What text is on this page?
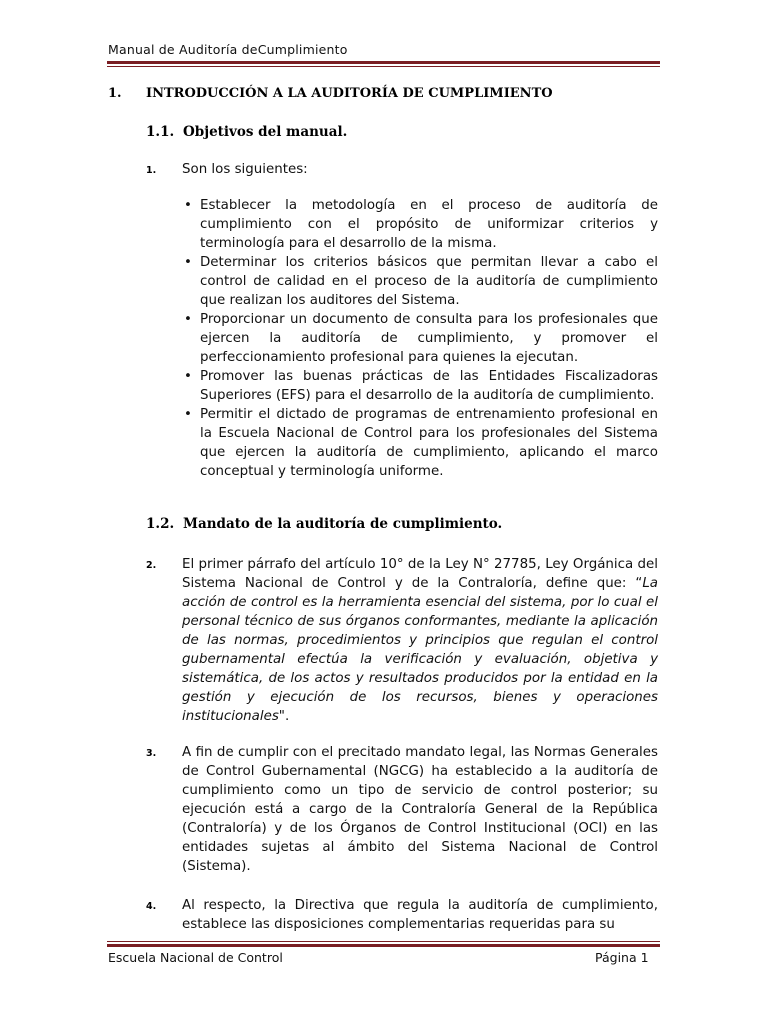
Manual de Auditoría deCumplimiento
1. INTRODUCCIÓN A LA AUDITORÍA DE CUMPLIMIENTO
1.1. Objetivos del manual.
1. Son los siguientes:
• Establecer la metodología en el proceso de auditoría de cumplimiento con el propósito de uniformizar criterios y terminología para el desarrollo de la misma.
• Determinar los criterios básicos que permitan llevar a cabo el control de calidad en el proceso de la auditoría de cumplimiento que realizan los auditores del Sistema.
• Proporcionar un documento de consulta para los profesionales que ejercen la auditoría de cumplimiento, y promover el perfeccionamiento profesional para quienes la ejecutan.
• Promover las buenas prácticas de las Entidades Fiscalizadoras Superiores (EFS) para el desarrollo de la auditoría de cumplimiento.
• Permitir el dictado de programas de entrenamiento profesional en la Escuela Nacional de Control para los profesionales del Sistema que ejercen la auditoría de cumplimiento, aplicando el marco conceptual y terminología uniforme.
1.2. Mandato de la auditoría de cumplimiento.
2. El primer párrafo del artículo 10° de la Ley N° 27785, Ley Orgánica del Sistema Nacional de Control y de la Contraloría, define que: “La acción de control es la herramienta esencial del sistema, por lo cual el personal técnico de sus órganos conformantes, mediante la aplicación de las normas, procedimientos y principios que regulan el control gubernamental efectúa la verificación y evaluación, objetiva y sistemática, de los actos y resultados producidos por la entidad en la gestión y ejecución de los recursos, bienes y operaciones institucionales".
3. A fin de cumplir con el precitado mandato legal, las Normas Generales de Control Gubernamental (NGCG) ha establecido a la auditoría de cumplimiento como un tipo de servicio de control posterior; su ejecución está a cargo de la Contraloría General de la República (Contraloría) y de los Órganos de Control Institucional (OCI) en las entidades sujetas al ámbito del Sistema Nacional de Control (Sistema).
4. Al respecto, la Directiva que regula la auditoría de cumplimiento, establece las disposiciones complementarias requeridas para su
Escuela Nacional de Control	Página 1
